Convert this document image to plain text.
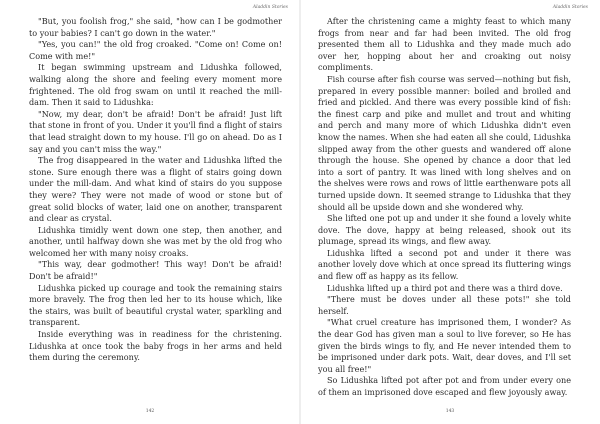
Aladdin Stories

"But, you foolish frog," she said, "how can I be godmother to your babies? I can't go down in the water."

"Yes, you can!" the old frog croaked. "Come on! Come on! Come with me!"

It began swimming upstream and Lidushka followed, walking along the shore and feeling every moment more frightened. The old frog swam on until it reached the mill-dam. Then it said to Lidushka:

"Now, my dear, don't be afraid! Don't be afraid! Just lift that stone in front of you. Under it you'll find a flight of stairs that lead straight down to my house. I'll go on ahead. Do as I say and you can't miss the way."

The frog disappeared in the water and Lidushka lifted the stone. Sure enough there was a flight of stairs going down under the mill-dam. And what kind of stairs do you suppose they were? They were not made of wood or stone but of great solid blocks of water, laid one on another, transparent and clear as crystal.

Lidushka timidly went down one step, then another, and another, until halfway down she was met by the old frog who welcomed her with many noisy croaks.

"This way, dear godmother! This way! Don't be afraid! Don't be afraid!"

Lidushka picked up courage and took the remaining stairs more bravely. The frog then led her to its house which, like the stairs, was built of beautiful crystal water, sparkling and transparent.

Inside everything was in readiness for the christening. Lidushka at once took the baby frogs in her arms and held them during the ceremony.

142
Aladdin Stories

After the christening came a mighty feast to which many frogs from near and far had been invited. The old frog presented them all to Lidushka and they made much ado over her, hopping about her and croaking out noisy compliments.

Fish course after fish course was served—nothing but fish, prepared in every possible manner: boiled and broiled and fried and pickled. And there was every possible kind of fish: the finest carp and pike and mullet and trout and whiting and perch and many more of which Lidushka didn't even know the names. When she had eaten all she could, Lidushka slipped away from the other guests and wandered off alone through the house. She opened by chance a door that led into a sort of pantry. It was lined with long shelves and on the shelves were rows and rows of little earthenware pots all turned upside down. It seemed strange to Lidushka that they should all be upside down and she wondered why.

She lifted one pot up and under it she found a lovely white dove. The dove, happy at being released, shook out its plumage, spread its wings, and flew away.

Lidushka lifted a second pot and under it there was another lovely dove which at once spread its fluttering wings and flew off as happy as its fellow.

Lidushka lifted up a third pot and there was a third dove.

"There must be doves under all these pots!" she told herself.

"What cruel creature has imprisoned them, I wonder? As the dear God has given man a soul to live forever, so He has given the birds wings to fly, and He never intended them to be imprisoned under dark pots. Wait, dear doves, and I'll set you all free!"

So Lidushka lifted pot after pot and from under every one of them an imprisoned dove escaped and flew joyously away.

143
